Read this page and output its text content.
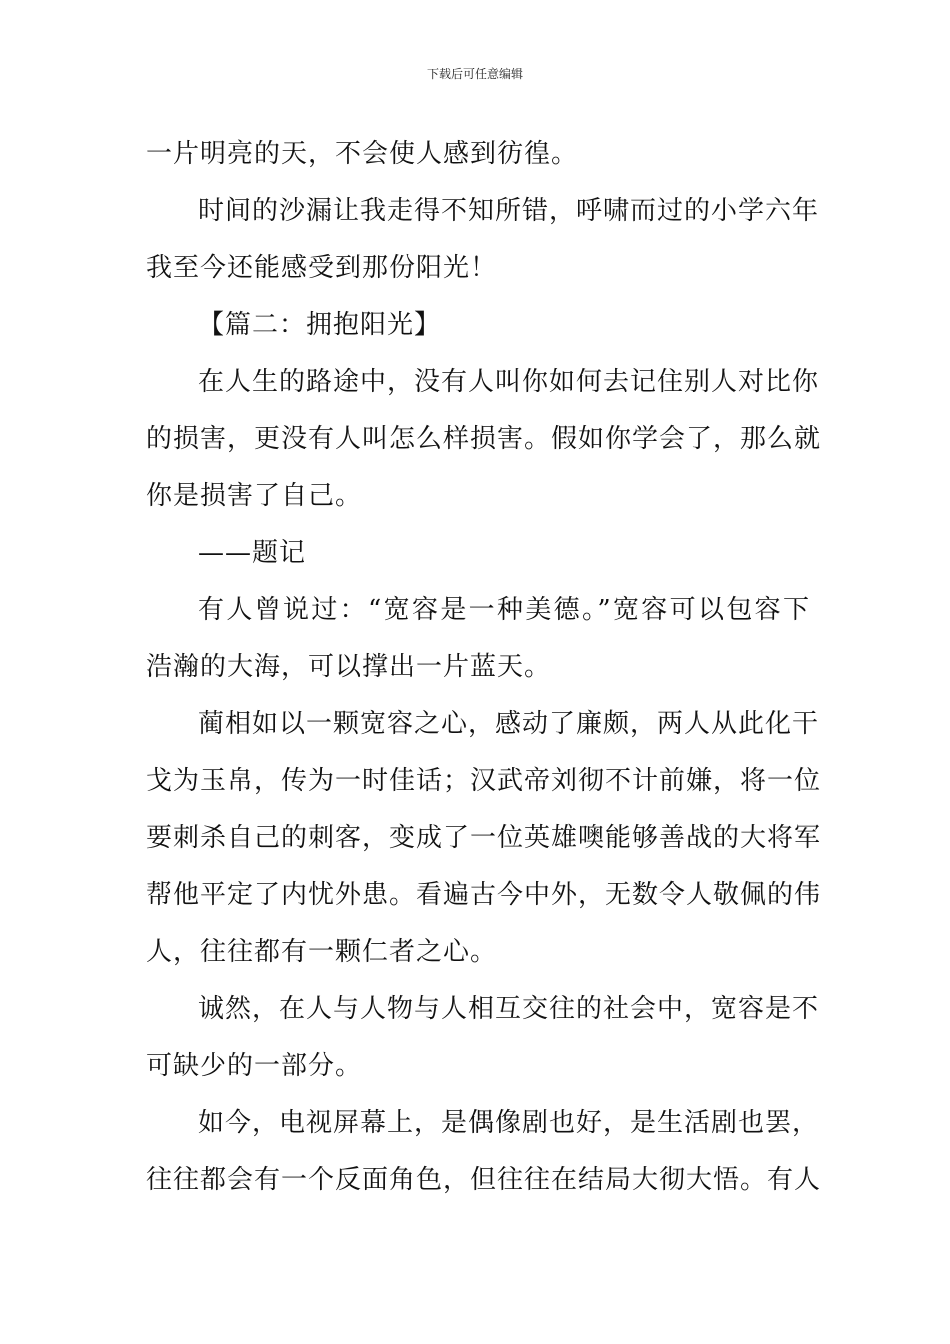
下载后可任意编辑
一片明亮的天，不会使人感到彷徨。
时间的沙漏让我走得不知所错，呼啸而过的小学六年
我至今还能感受到那份阳光！
【篇二：拥抱阳光】
在人生的路途中，没有人叫你如何去记住别人对比你
的损害，更没有人叫怎么样损害。假如你学会了，那么就
你是损害了自己。
——题记
有人曾说过：“宽容是一种美德。”宽容可以包容下
浩瀚的大海，可以撑出一片蓝天。
蔺相如以一颗宽容之心，感动了廉颇，两人从此化干
戈为玉帛，传为一时佳话；汉武帝刘彻不计前嫌，将一位
要刺杀自己的刺客，变成了一位英雄噢能够善战的大将军
帮他平定了内忧外患。看遍古今中外，无数令人敬佩的伟
人，往往都有一颗仁者之心。
诚然，在人与人物与人相互交往的社会中，宽容是不
可缺少的一部分。
如今，电视屏幕上，是偶像剧也好，是生活剧也罢，
往往都会有一个反面角色，但往往在结局大彻大悟。有人
